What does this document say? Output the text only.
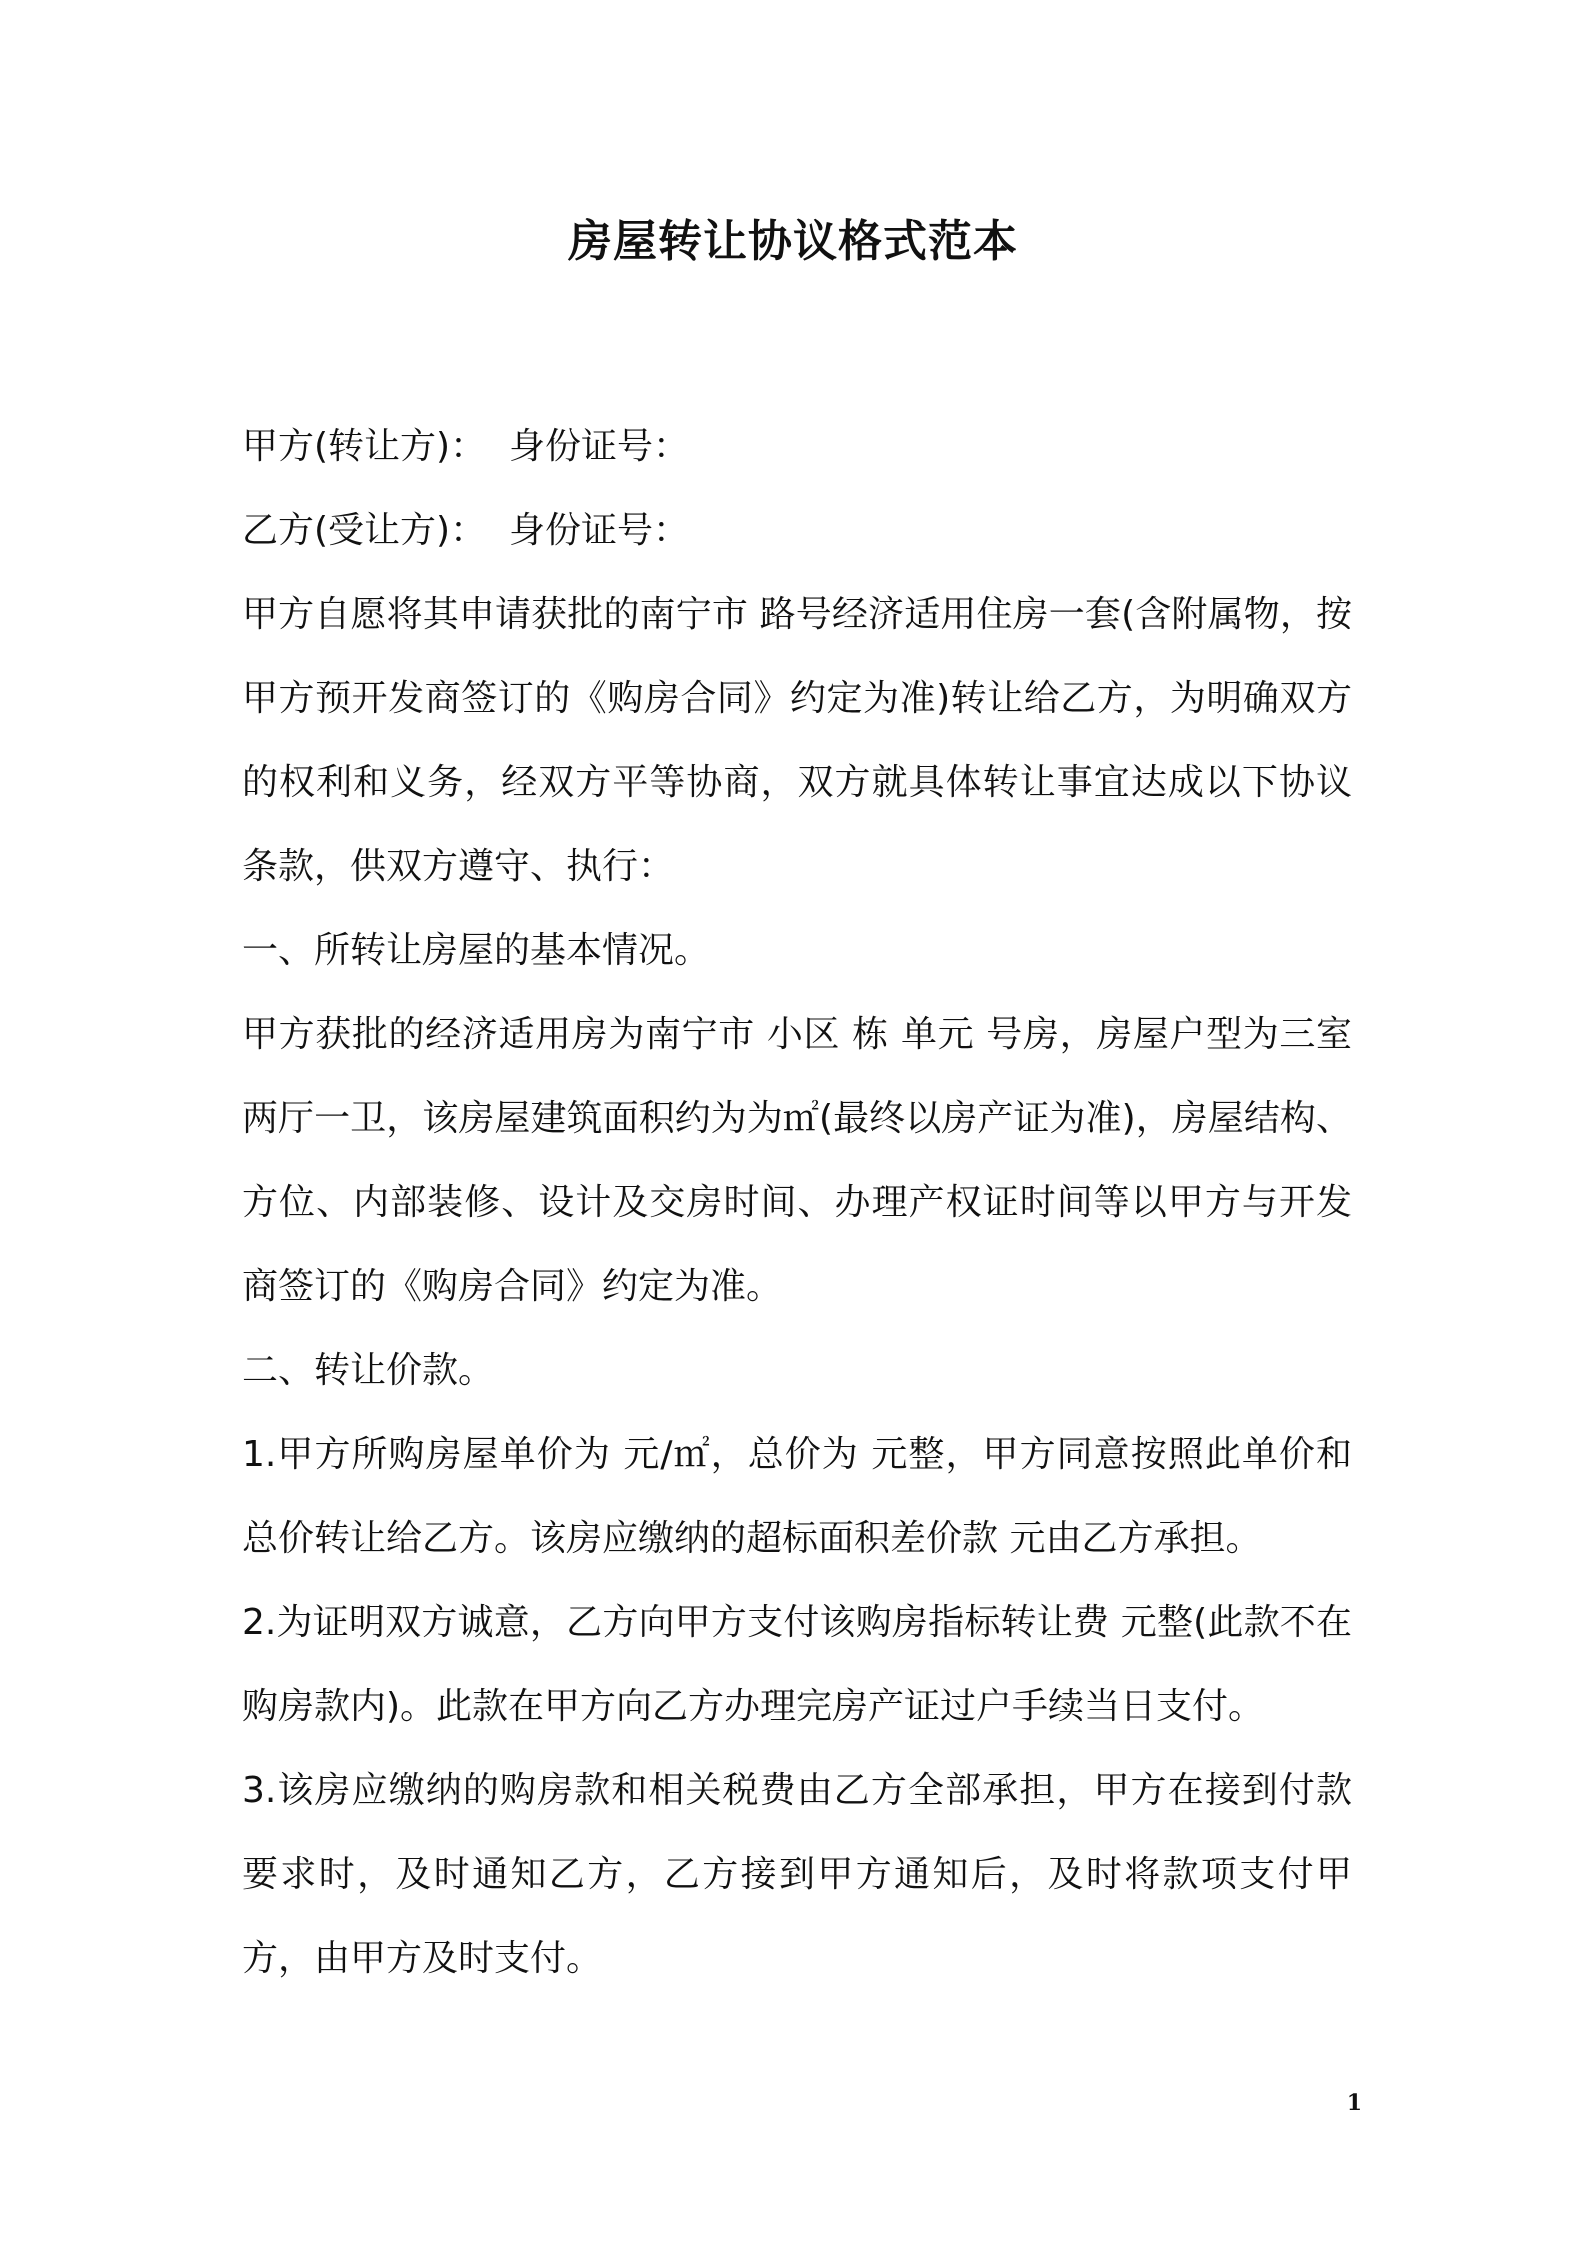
房屋转让协议格式范本

甲方(转让方)：  身份证号：

乙方(受让方)：  身份证号：

甲方自愿将其申请获批的南宁市 路号经济适用住房一套(含附属物，按甲方预开发商签订的《购房合同》约定为准)转让给乙方，为明确双方的权利和义务，经双方平等协商，双方就具体转让事宜达成以下协议条款，供双方遵守、执行：

一、所转让房屋的基本情况。

甲方获批的经济适用房为南宁市 小区 栋 单元 号房，房屋户型为三室两厅一卫，该房屋建筑面积约为为㎡(最终以房产证为准)，房屋结构、方位、内部装修、设计及交房时间、办理产权证时间等以甲方与开发商签订的《购房合同》约定为准。

二、转让价款。

1.甲方所购房屋单价为 元/㎡，总价为 元整，甲方同意按照此单价和总价转让给乙方。该房应缴纳的超标面积差价款 元由乙方承担。

2.为证明双方诚意，乙方向甲方支付该购房指标转让费 元整(此款不在购房款内)。此款在甲方向乙方办理完房产证过户手续当日支付。

3.该房应缴纳的购房款和相关税费由乙方全部承担，甲方在接到付款要求时，及时通知乙方，乙方接到甲方通知后，及时将款项支付甲方，由甲方及时支付。

1
